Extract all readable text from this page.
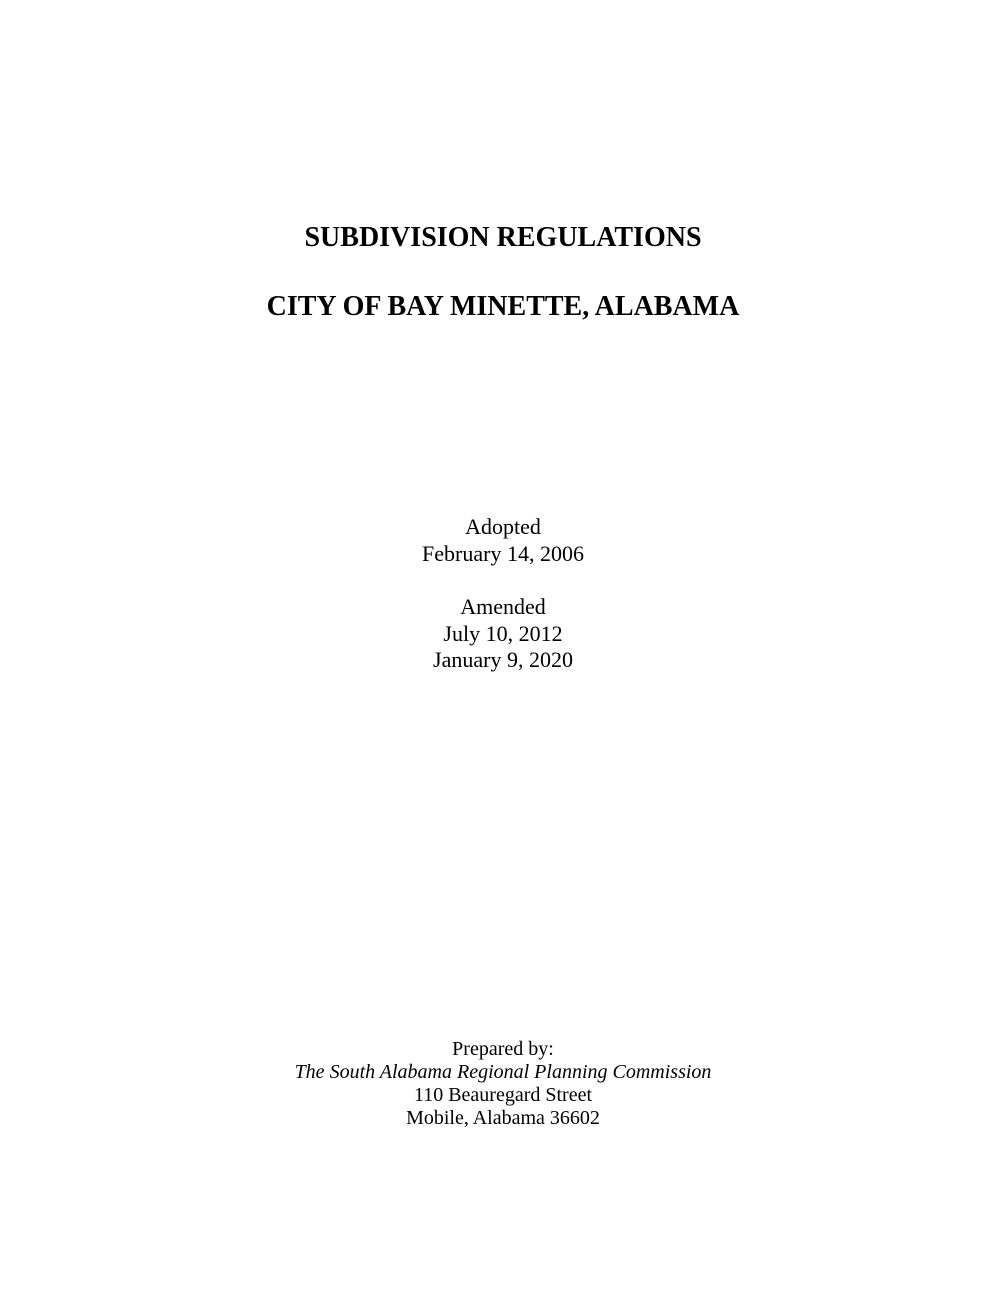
SUBDIVISION REGULATIONS
CITY OF BAY MINETTE, ALABAMA
Adopted
February 14, 2006
Amended
July 10, 2012
January 9, 2020
Prepared by:
The South Alabama Regional Planning Commission
110 Beauregard Street
Mobile, Alabama 36602
